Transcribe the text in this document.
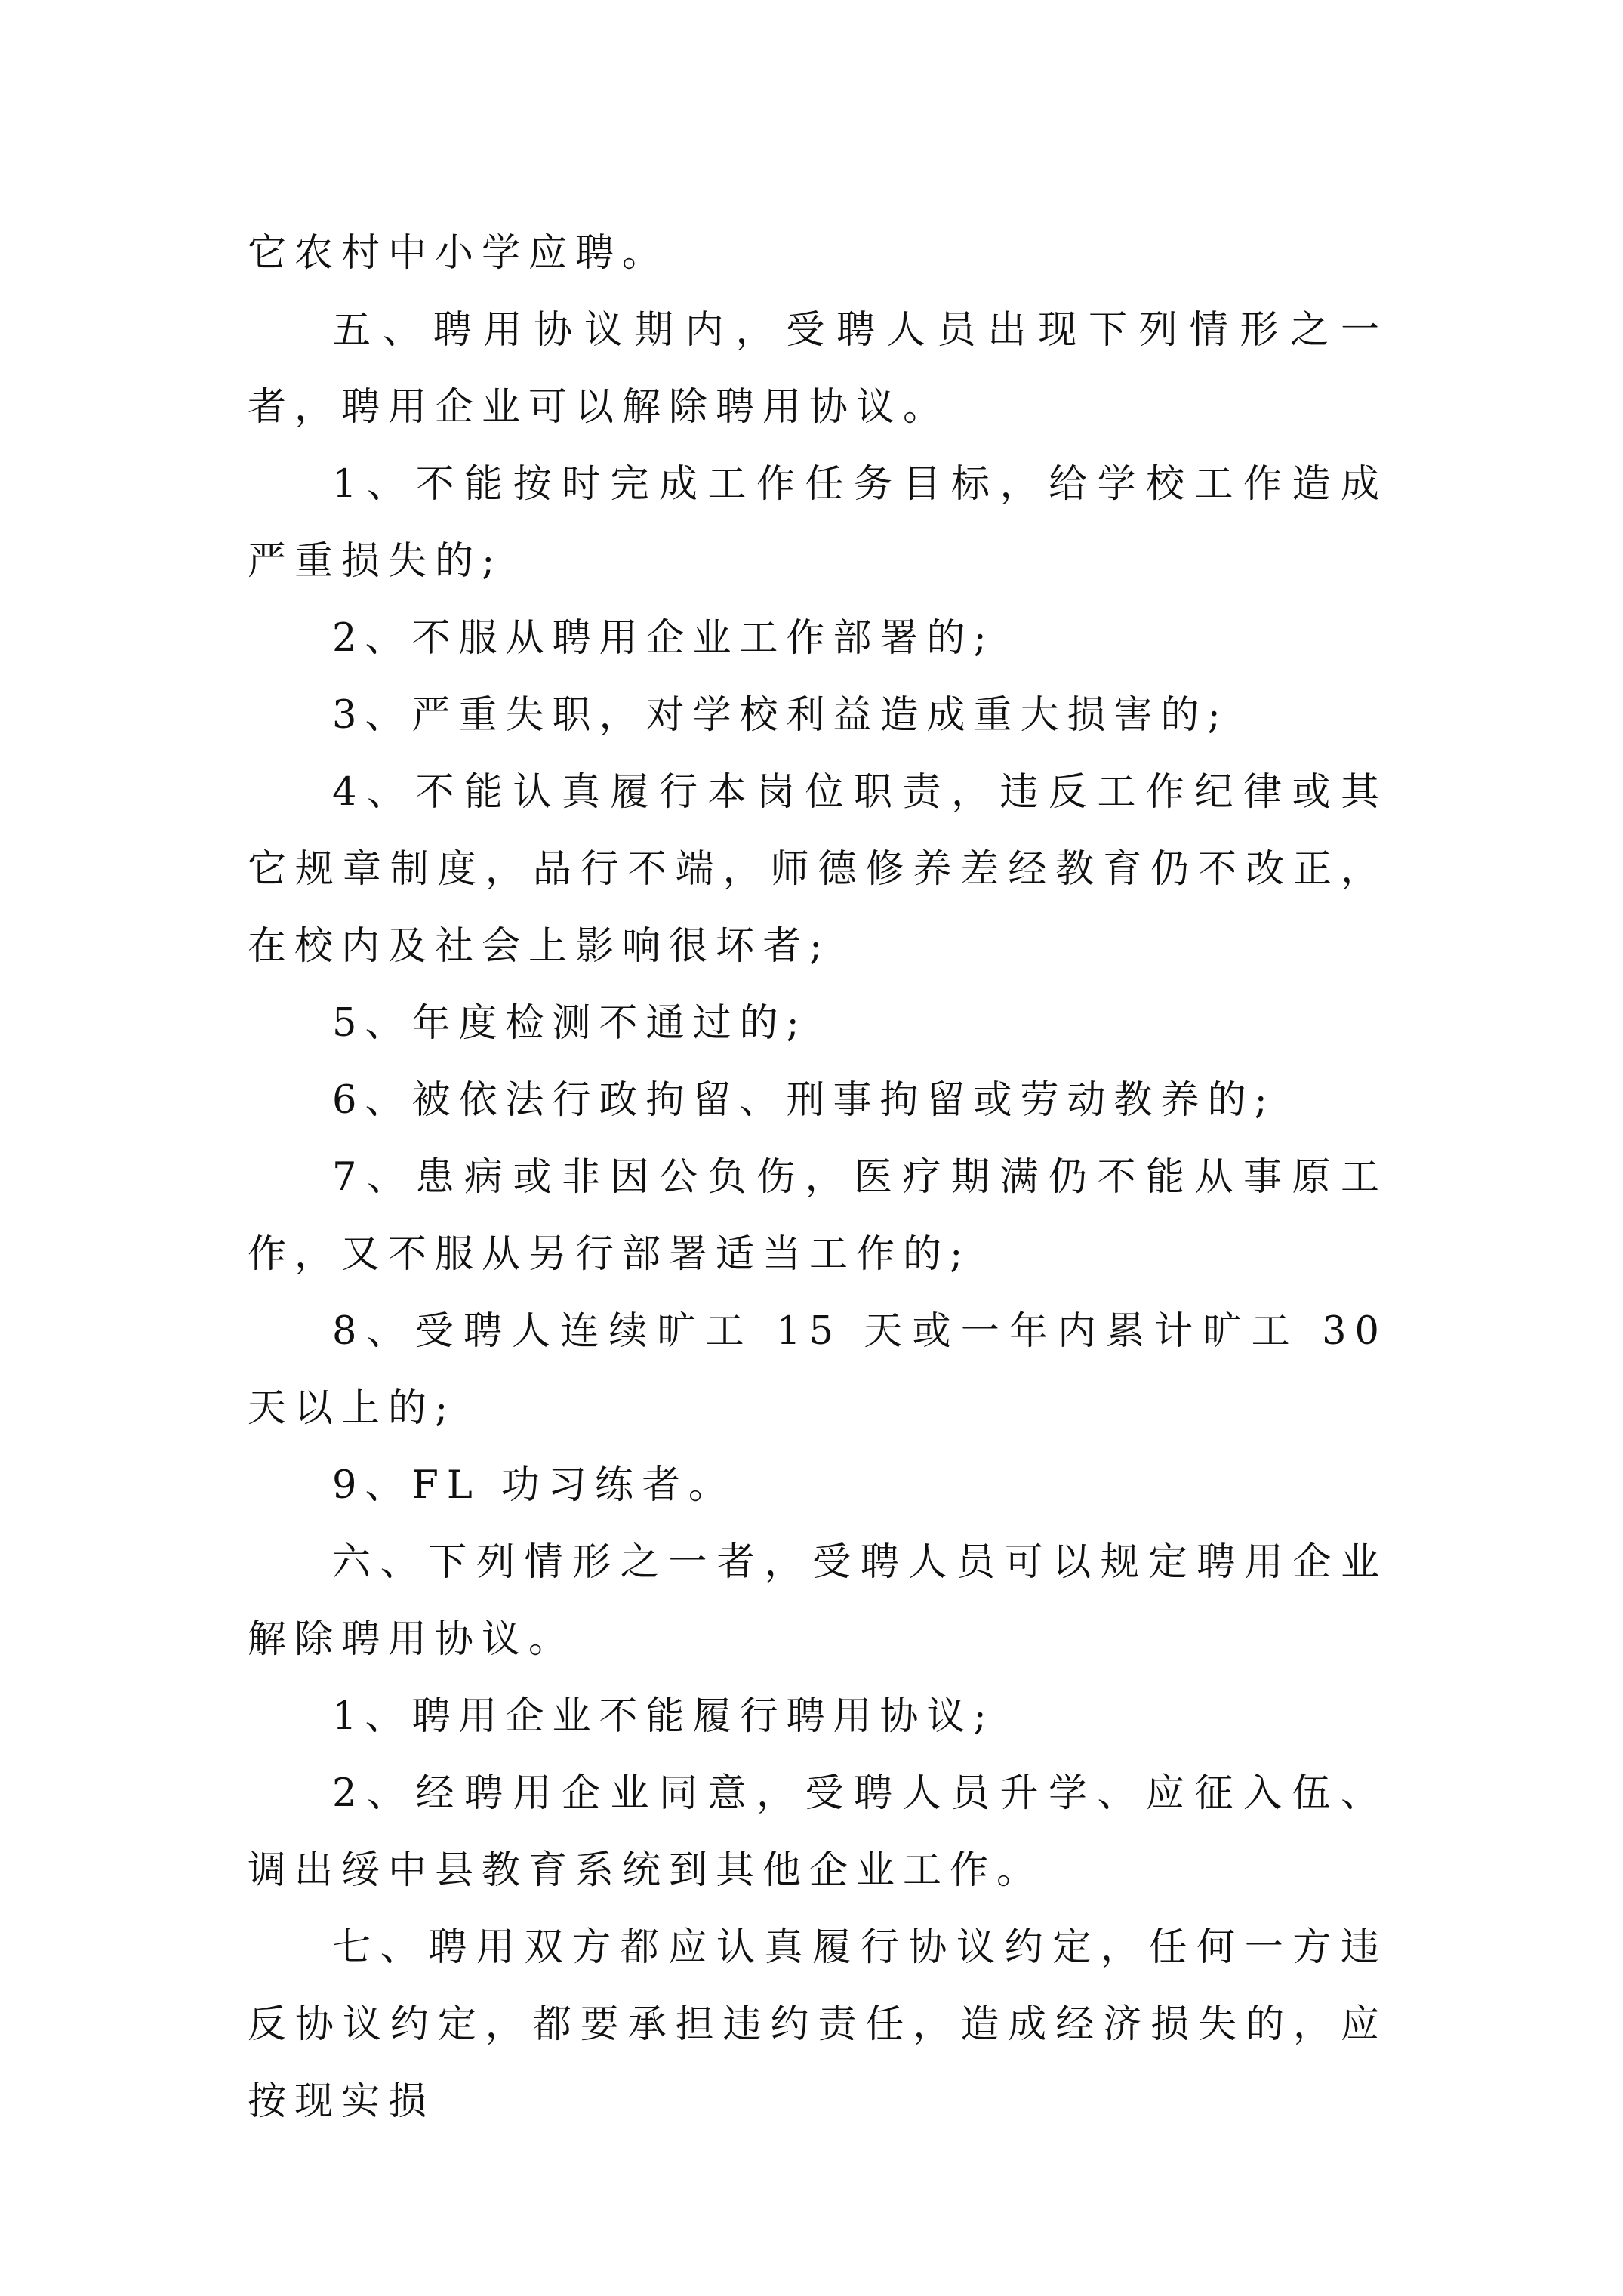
它农村中小学应聘。

五、聘用协议期内，受聘人员出现下列情形之一者，聘用企业可以解除聘用协议。

1、不能按时完成工作任务目标，给学校工作造成严重损失的;

2、不服从聘用企业工作部署的;

3、严重失职，对学校利益造成重大损害的;

4、不能认真履行本岗位职责，违反工作纪律或其它规章制度，品行不端，师德修养差经教育仍不改正，在校内及社会上影响很坏者;

5、年度检测不通过的;

6、被依法行政拘留、刑事拘留或劳动教养的;

7、患病或非因公负伤，医疗期满仍不能从事原工作，又不服从另行部署适当工作的;

8、受聘人连续旷工 15 天或一年内累计旷工 30 天以上的;

9、FL 功习练者。

六、下列情形之一者，受聘人员可以规定聘用企业解除聘用协议。

1、聘用企业不能履行聘用协议;

2、经聘用企业同意，受聘人员升学、应征入伍、调出绥中县教育系统到其他企业工作。

七、聘用双方都应认真履行协议约定，任何一方违反协议约定，都要承担违约责任，造成经济损失的，应按现实损
